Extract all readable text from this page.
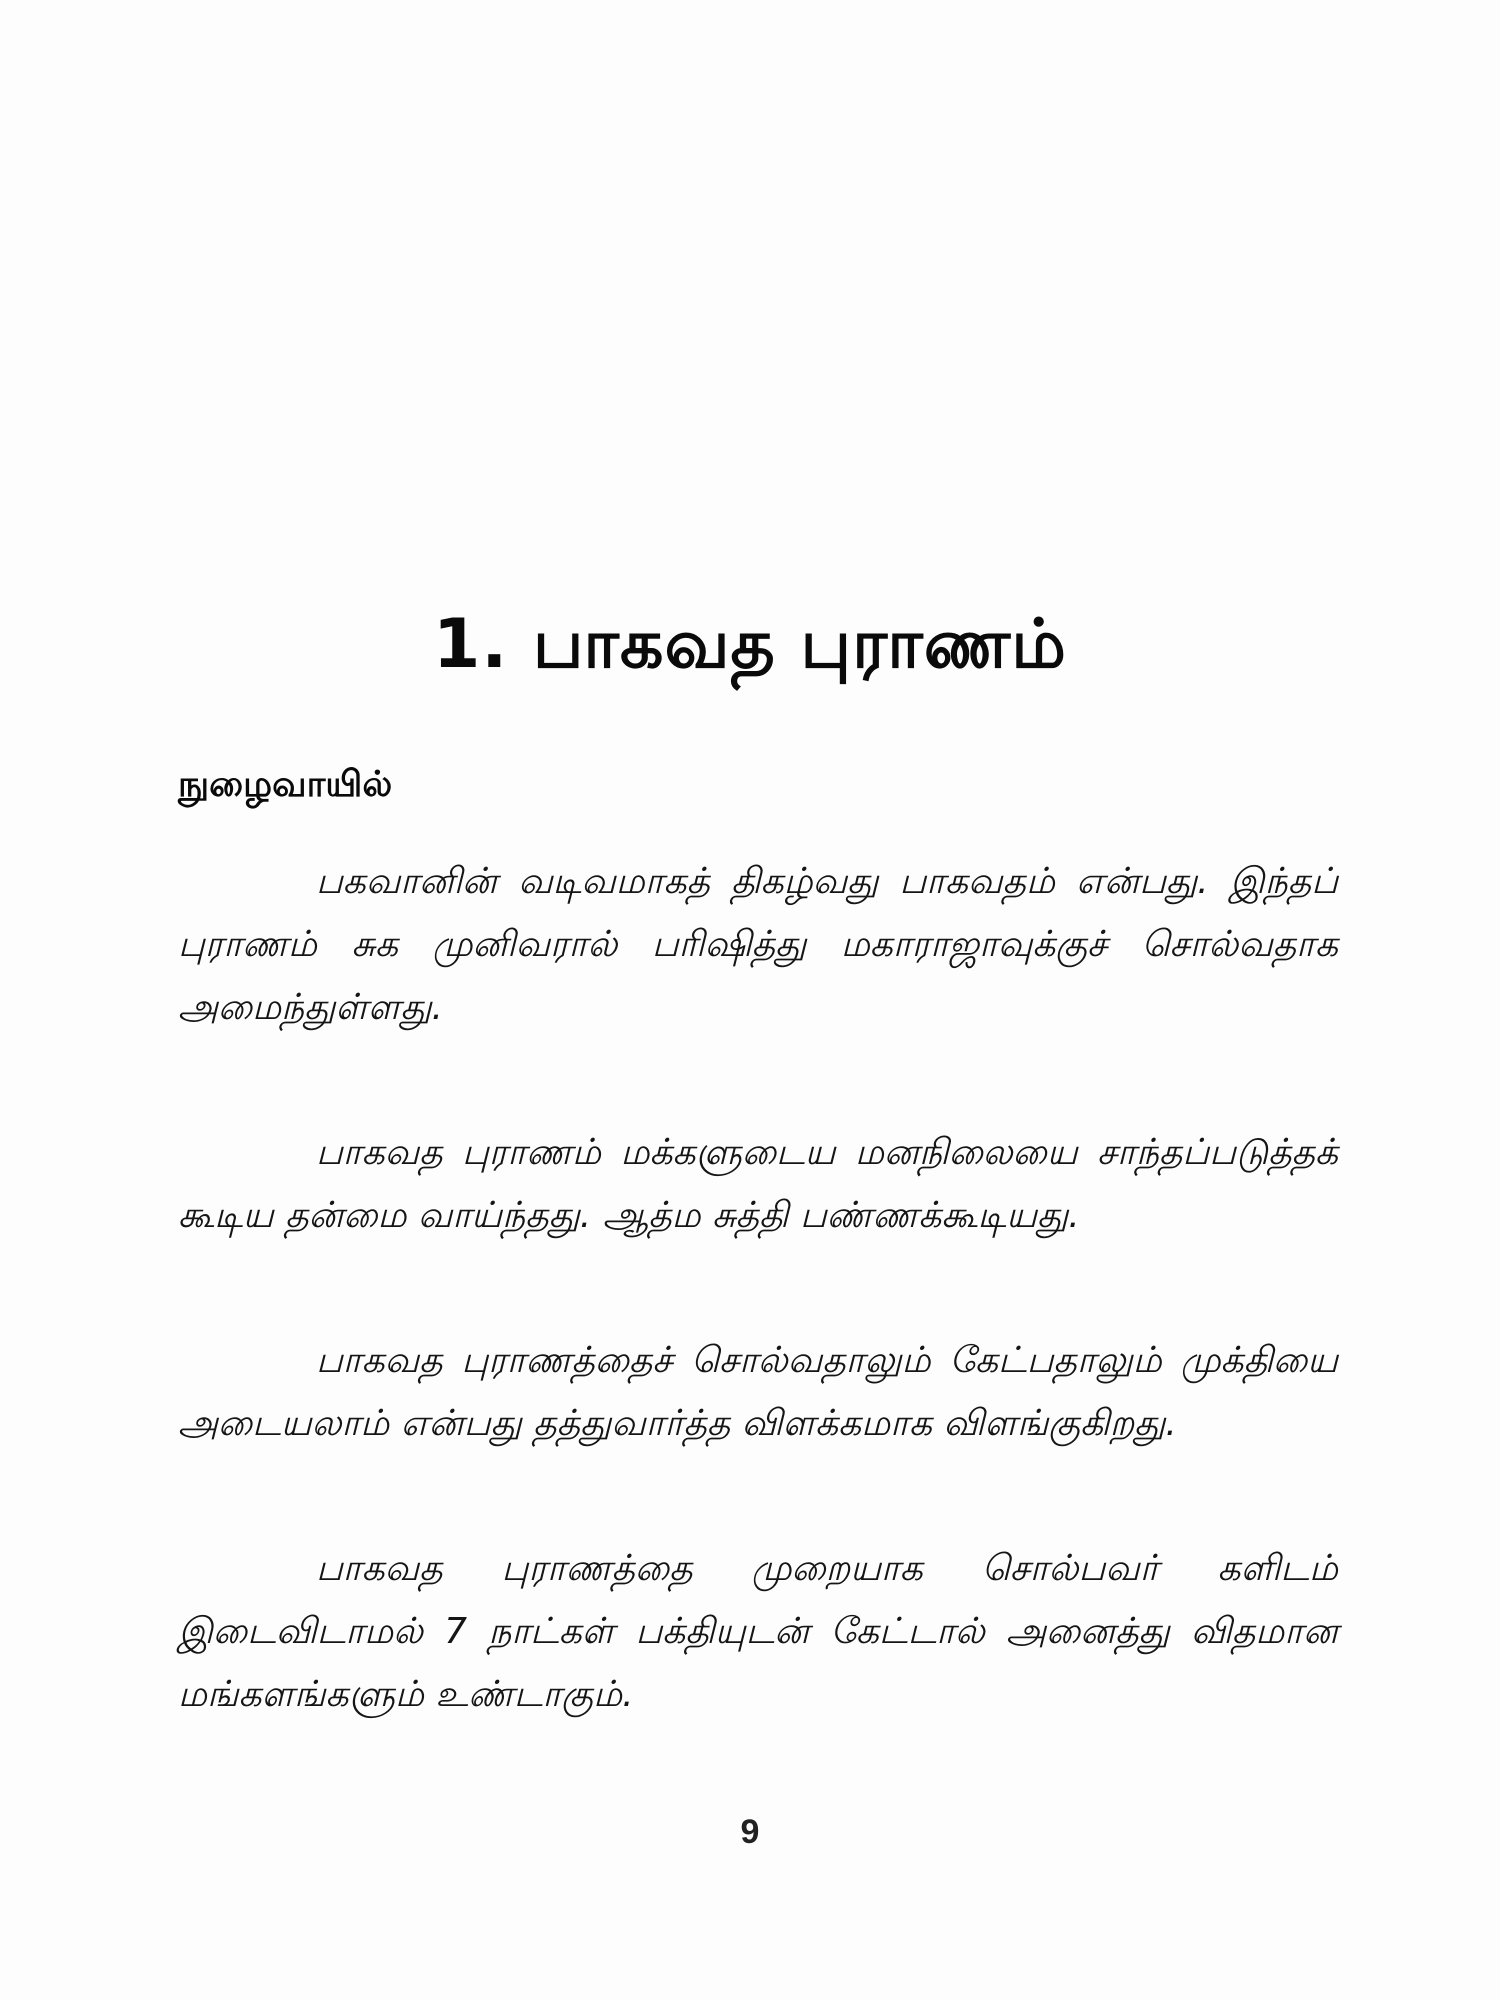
1. பாகவத புராணம்
நுழைவாயில்

பகவானின் வடிவமாகத் திகழ்வது பாகவதம் என்பது. இந்தப் புராணம் சுக முனிவரால் பரிஷித்து மகாராஜாவுக்குச் சொல்வதாக அமைந்துள்ளது.

பாகவத புராணம் மக்களுடைய மனநிலையை சாந்தப்படுத்தக் கூடிய தன்மை வாய்ந்தது. ஆத்ம சுத்தி பண்ணக்கூடியது.

பாகவத புராணத்தைச் சொல்வதாலும் கேட்பதாலும் முக்தியை அடையலாம் என்பது தத்துவார்த்த விளக்கமாக விளங்குகிறது.

பாகவத புராணத்தை முறையாக சொல்பவர் களிடம் இடைவிடாமல் 7 நாட்கள் பக்தியுடன் கேட்டால் அனைத்து விதமான மங்களங்களும் உண்டாகும்.

9
